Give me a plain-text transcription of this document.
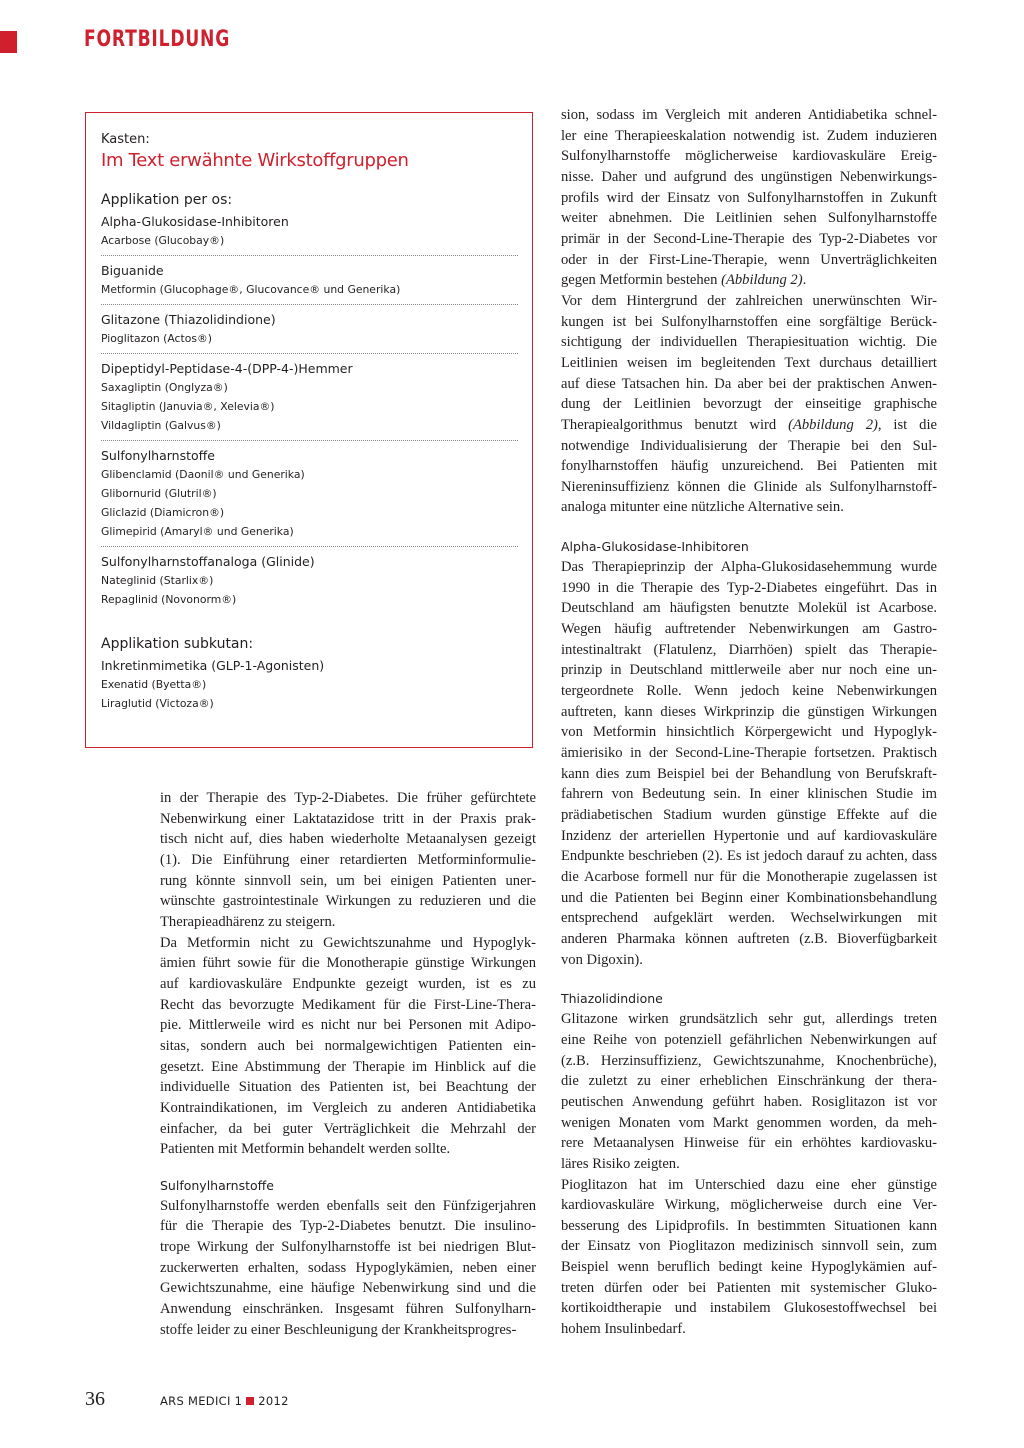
FORTBILDUNG
Kasten:
Im Text erwähnte Wirkstoffgruppen
Applikation per os:
Alpha-Glukosidase-Inhibitoren
Acarbose (Glucobay®)
Biguanide
Metformin (Glucophage®, Glucovance® und Generika)
Glitazone (Thiazolidindione)
Pioglitazon (Actos®)
Dipeptidyl-Peptidase-4-(DPP-4-)Hemmer
Saxagliptin (Onglyza®)
Sitagliptin (Januvia®, Xelevia®)
Vildagliptin (Galvus®)
Sulfonylharnstoffe
Glibenclamid (Daonil® und Generika)
Glibornurid (Glutril®)
Gliclazid (Diamicron®)
Glimepirid (Amaryl® und Generika)
Sulfonylharnstoffanaloga (Glinide)
Nateglinid (Starlix®)
Repaglinid (Novonorm®)
Applikation subkutan:
Inkretinmimetika (GLP-1-Agonisten)
Exenatid (Byetta®)
Liraglutid (Victoza®)

in der Therapie des Typ-2-Diabetes. Die früher gefürchtete
Nebenwirkung einer Laktatazidose tritt in der Praxis prak-
tisch nicht auf, dies haben wiederholte Metaanalysen gezeigt
(1). Die Einführung einer retardierten Metforminformulie-
rung könnte sinnvoll sein, um bei einigen Patienten uner-
wünschte gastrointestinale Wirkungen zu reduzieren und die
Therapieadhärenz zu steigern.

Da Metformin nicht zu Gewichtszunahme und Hypoglyk-
ämien führt sowie für die Monotherapie günstige Wirkungen
auf kardiovaskuläre Endpunkte gezeigt wurden, ist es zu
Recht das bevorzugte Medikament für die First-Line-Thera-
pie. Mittlerweile wird es nicht nur bei Personen mit Adipo-
sitas, sondern auch bei normalgewichtigen Patienten ein-
gesetzt. Eine Abstimmung der Therapie im Hinblick auf die
individuelle Situation des Patienten ist, bei Beachtung der
Kontraindikationen, im Vergleich zu anderen Antidiabetika
einfacher, da bei guter Verträglichkeit die Mehrzahl der
Patienten mit Metformin behandelt werden sollte.

Sulfonylharnstoffe

Sulfonylharnstoffe werden ebenfalls seit den Fünfzigerjahren
für die Therapie des Typ-2-Diabetes benutzt. Die insulino-
trope Wirkung der Sulfonylharnstoffe ist bei niedrigen Blut-
zuckerwerten erhalten, sodass Hypoglykämien, neben einer
Gewichtszunahme, eine häufige Nebenwirkung sind und die
Anwendung einschränken. Insgesamt führen Sulfonylharn-
stoffe leider zu einer Beschleunigung der Krankheitsprogres-

sion, sodass im Vergleich mit anderen Antidiabetika schnel-
ler eine Therapieeskalation notwendig ist. Zudem induzieren
Sulfonylharnstoffe möglicherweise kardiovaskuläre Ereig-
nisse. Daher und aufgrund des ungünstigen Nebenwirkungs-
profils wird der Einsatz von Sulfonylharnstoffen in Zukunft
weiter abnehmen. Die Leitlinien sehen Sulfonylharnstoffe
primär in der Second-Line-Therapie des Typ-2-Diabetes vor
oder in der First-Line-Therapie, wenn Unverträglichkeiten
gegen Metformin bestehen (Abbildung 2).

Vor dem Hintergrund der zahlreichen unerwünschten Wir-
kungen ist bei Sulfonylharnstoffen eine sorgfältige Berück-
sichtigung der individuellen Therapiesituation wichtig. Die
Leitlinien weisen im begleitenden Text durchaus detailliert
auf diese Tatsachen hin. Da aber bei der praktischen Anwen-
dung der Leitlinien bevorzugt der einseitige graphische
Therapiealgorithmus benutzt wird (Abbildung 2), ist die
notwendige Individualisierung der Therapie bei den Sul-
fonylharnstoffen häufig unzureichend. Bei Patienten mit
Niereninsuffizienz können die Glinide als Sulfonylharnstoff-
analoga mitunter eine nützliche Alternative sein.

Alpha-Glukosidase-Inhibitoren

Das Therapieprinzip der Alpha-Glukosidasehemmung wurde
1990 in die Therapie des Typ-2-Diabetes eingeführt. Das in
Deutschland am häufigsten benutzte Molekül ist Acarbose.
Wegen häufig auftretender Nebenwirkungen am Gastro-
intestinaltrakt (Flatulenz, Diarrhöen) spielt das Therapie-
prinzip in Deutschland mittlerweile aber nur noch eine un-
tergeordnete Rolle. Wenn jedoch keine Nebenwirkungen
auftreten, kann dieses Wirkprinzip die günstigen Wirkungen
von Metformin hinsichtlich Körpergewicht und Hypoglyk-
ämierisiko in der Second-Line-Therapie fortsetzen. Praktisch
kann dies zum Beispiel bei der Behandlung von Berufskraft-
fahrern von Bedeutung sein. In einer klinischen Studie im
prädiabetischen Stadium wurden günstige Effekte auf die
Inzidenz der arteriellen Hypertonie und auf kardiovaskuläre
Endpunkte beschrieben (2). Es ist jedoch darauf zu achten, dass
die Acarbose formell nur für die Monotherapie zugelassen ist
und die Patienten bei Beginn einer Kombinationsbehandlung
entsprechend aufgeklärt werden. Wechselwirkungen mit
anderen Pharmaka können auftreten (z.B. Bioverfügbarkeit
von Digoxin).

Thiazolidindione

Glitazone wirken grundsätzlich sehr gut, allerdings treten
eine Reihe von potenziell gefährlichen Nebenwirkungen auf
(z.B. Herzinsuffizienz, Gewichtszunahme, Knochenbrüche),
die zuletzt zu einer erheblichen Einschränkung der thera-
peutischen Anwendung geführt haben. Rosiglitazon ist vor
wenigen Monaten vom Markt genommen worden, da meh-
rere Metaanalysen Hinweise für ein erhöhtes kardiovasku-
läres Risiko zeigten.

Pioglitazon hat im Unterschied dazu eine eher günstige
kardiovaskuläre Wirkung, möglicherweise durch eine Ver-
besserung des Lipidprofils. In bestimmten Situationen kann
der Einsatz von Pioglitazon medizinisch sinnvoll sein, zum
Beispiel wenn beruflich bedingt keine Hypoglykämien auf-
treten dürfen oder bei Patienten mit systemischer Gluko-
kortikoidtherapie und instabilem Glukosestoffwechsel bei
hohem Insulinbedarf.

36	ARS MEDICI 1 2012
